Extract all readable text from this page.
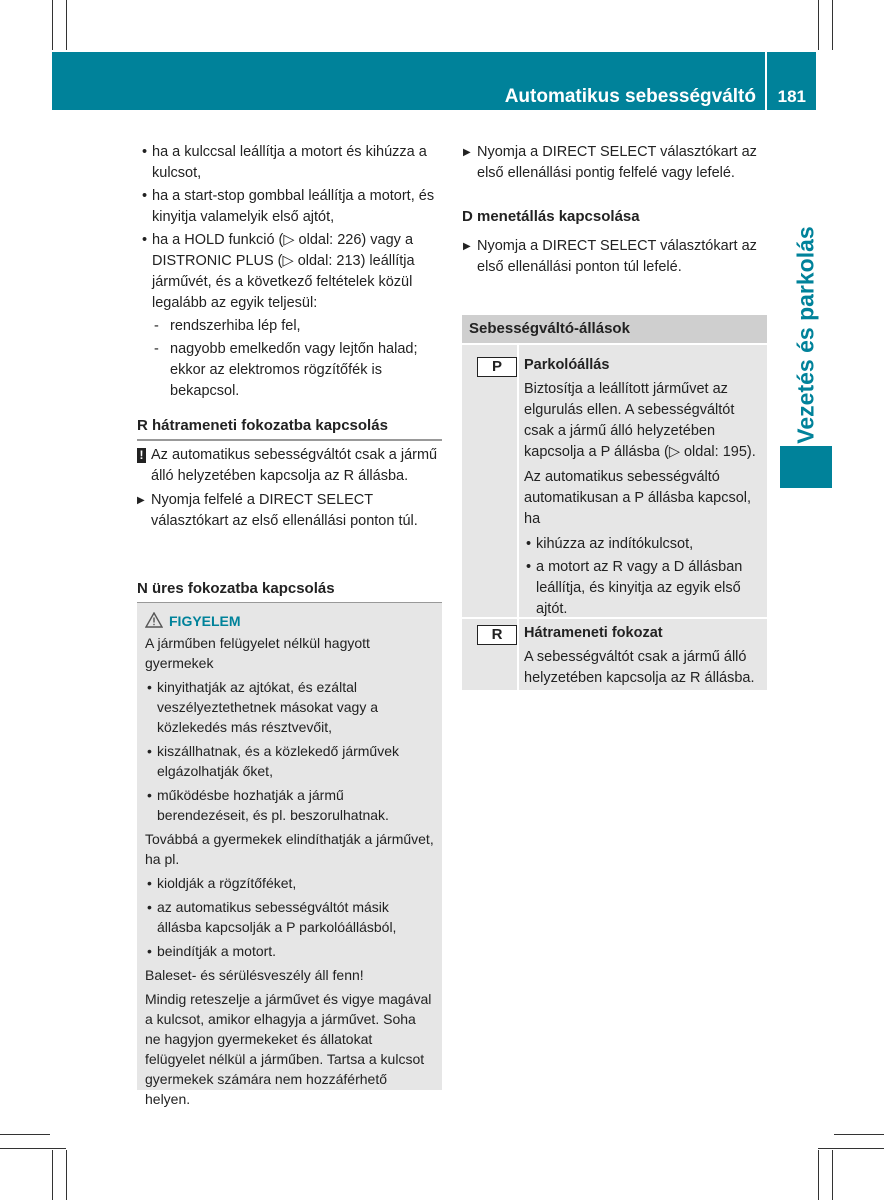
Automatikus sebességváltó 181
Vezetés és parkolás

• ha a kulccsal leállítja a motort és kihúzza a kulcsot,

• ha a start-stop gombbal leállítja a motort, és kinyitja valamelyik első ajtót,

• ha a HOLD funkció (▷ oldal: 226) vagy a DISTRONIC PLUS (▷ oldal: 213) leállítja járművét, és a következő feltételek közül legalább az egyik teljesül:

- rendszerhiba lép fel,

- nagyobb emelkedőn vagy lejtőn halad; ekkor az elektromos rögzítőfék is bekapcsol.

R hátrameneti fokozatba kapcsolás

! Az automatikus sebességváltót csak a jármű álló helyzetében kapcsolja az R állásba.

▶ Nyomja felfelé a DIRECT SELECT választókart az első ellenállási ponton túl.

N üres fokozatba kapcsolás

FIGYELEM

A járműben felügyelet nélkül hagyott gyermekek

• kinyithatják az ajtókat, és ezáltal veszélyeztethetnek másokat vagy a közlekedés más résztvevőit,

• kiszállhatnak, és a közlekedő járművek elgázolhatják őket,

• működésbe hozhatják a jármű berendezéseit, és pl. beszorulhatnak.

Továbbá a gyermekek elindíthatják a járművet, ha pl.

• kioldják a rögzítőféket,

• az automatikus sebességváltót másik állásba kapcsolják a P parkolóállásból,

• beindítják a motort.

Baleset- és sérülésveszély áll fenn!

Mindig reteszelje a járművet és vigye magával a kulcsot, amikor elhagyja a járművet. Soha ne hagyjon gyermekeket és állatokat felügyelet nélkül a járműben. Tartsa a kulcsot gyermekek számára nem hozzáférhető helyen.

▶ Nyomja a DIRECT SELECT választókart az első ellenállási pontig felfelé vagy lefelé.

D menetállás kapcsolása

▶ Nyomja a DIRECT SELECT választókart az első ellenállási ponton túl lefelé.

Sebességváltó-állások
P	Parkolóállás

Biztosítja a leállított járművet az elgurulás ellen. A sebességváltót csak a jármű álló helyzetében kapcsolja a P állásba (▷ oldal: 195).

Az automatikus sebességváltó automatikusan a P állásba kapcsol, ha

• kihúzza az indítókulcsot,

• a motort az R vagy a D állásban leállítja, és kinyitja az egyik első ajtót.

R	Hátrameneti fokozat

A sebességváltót csak a jármű álló helyzetében kapcsolja az R állásba.
